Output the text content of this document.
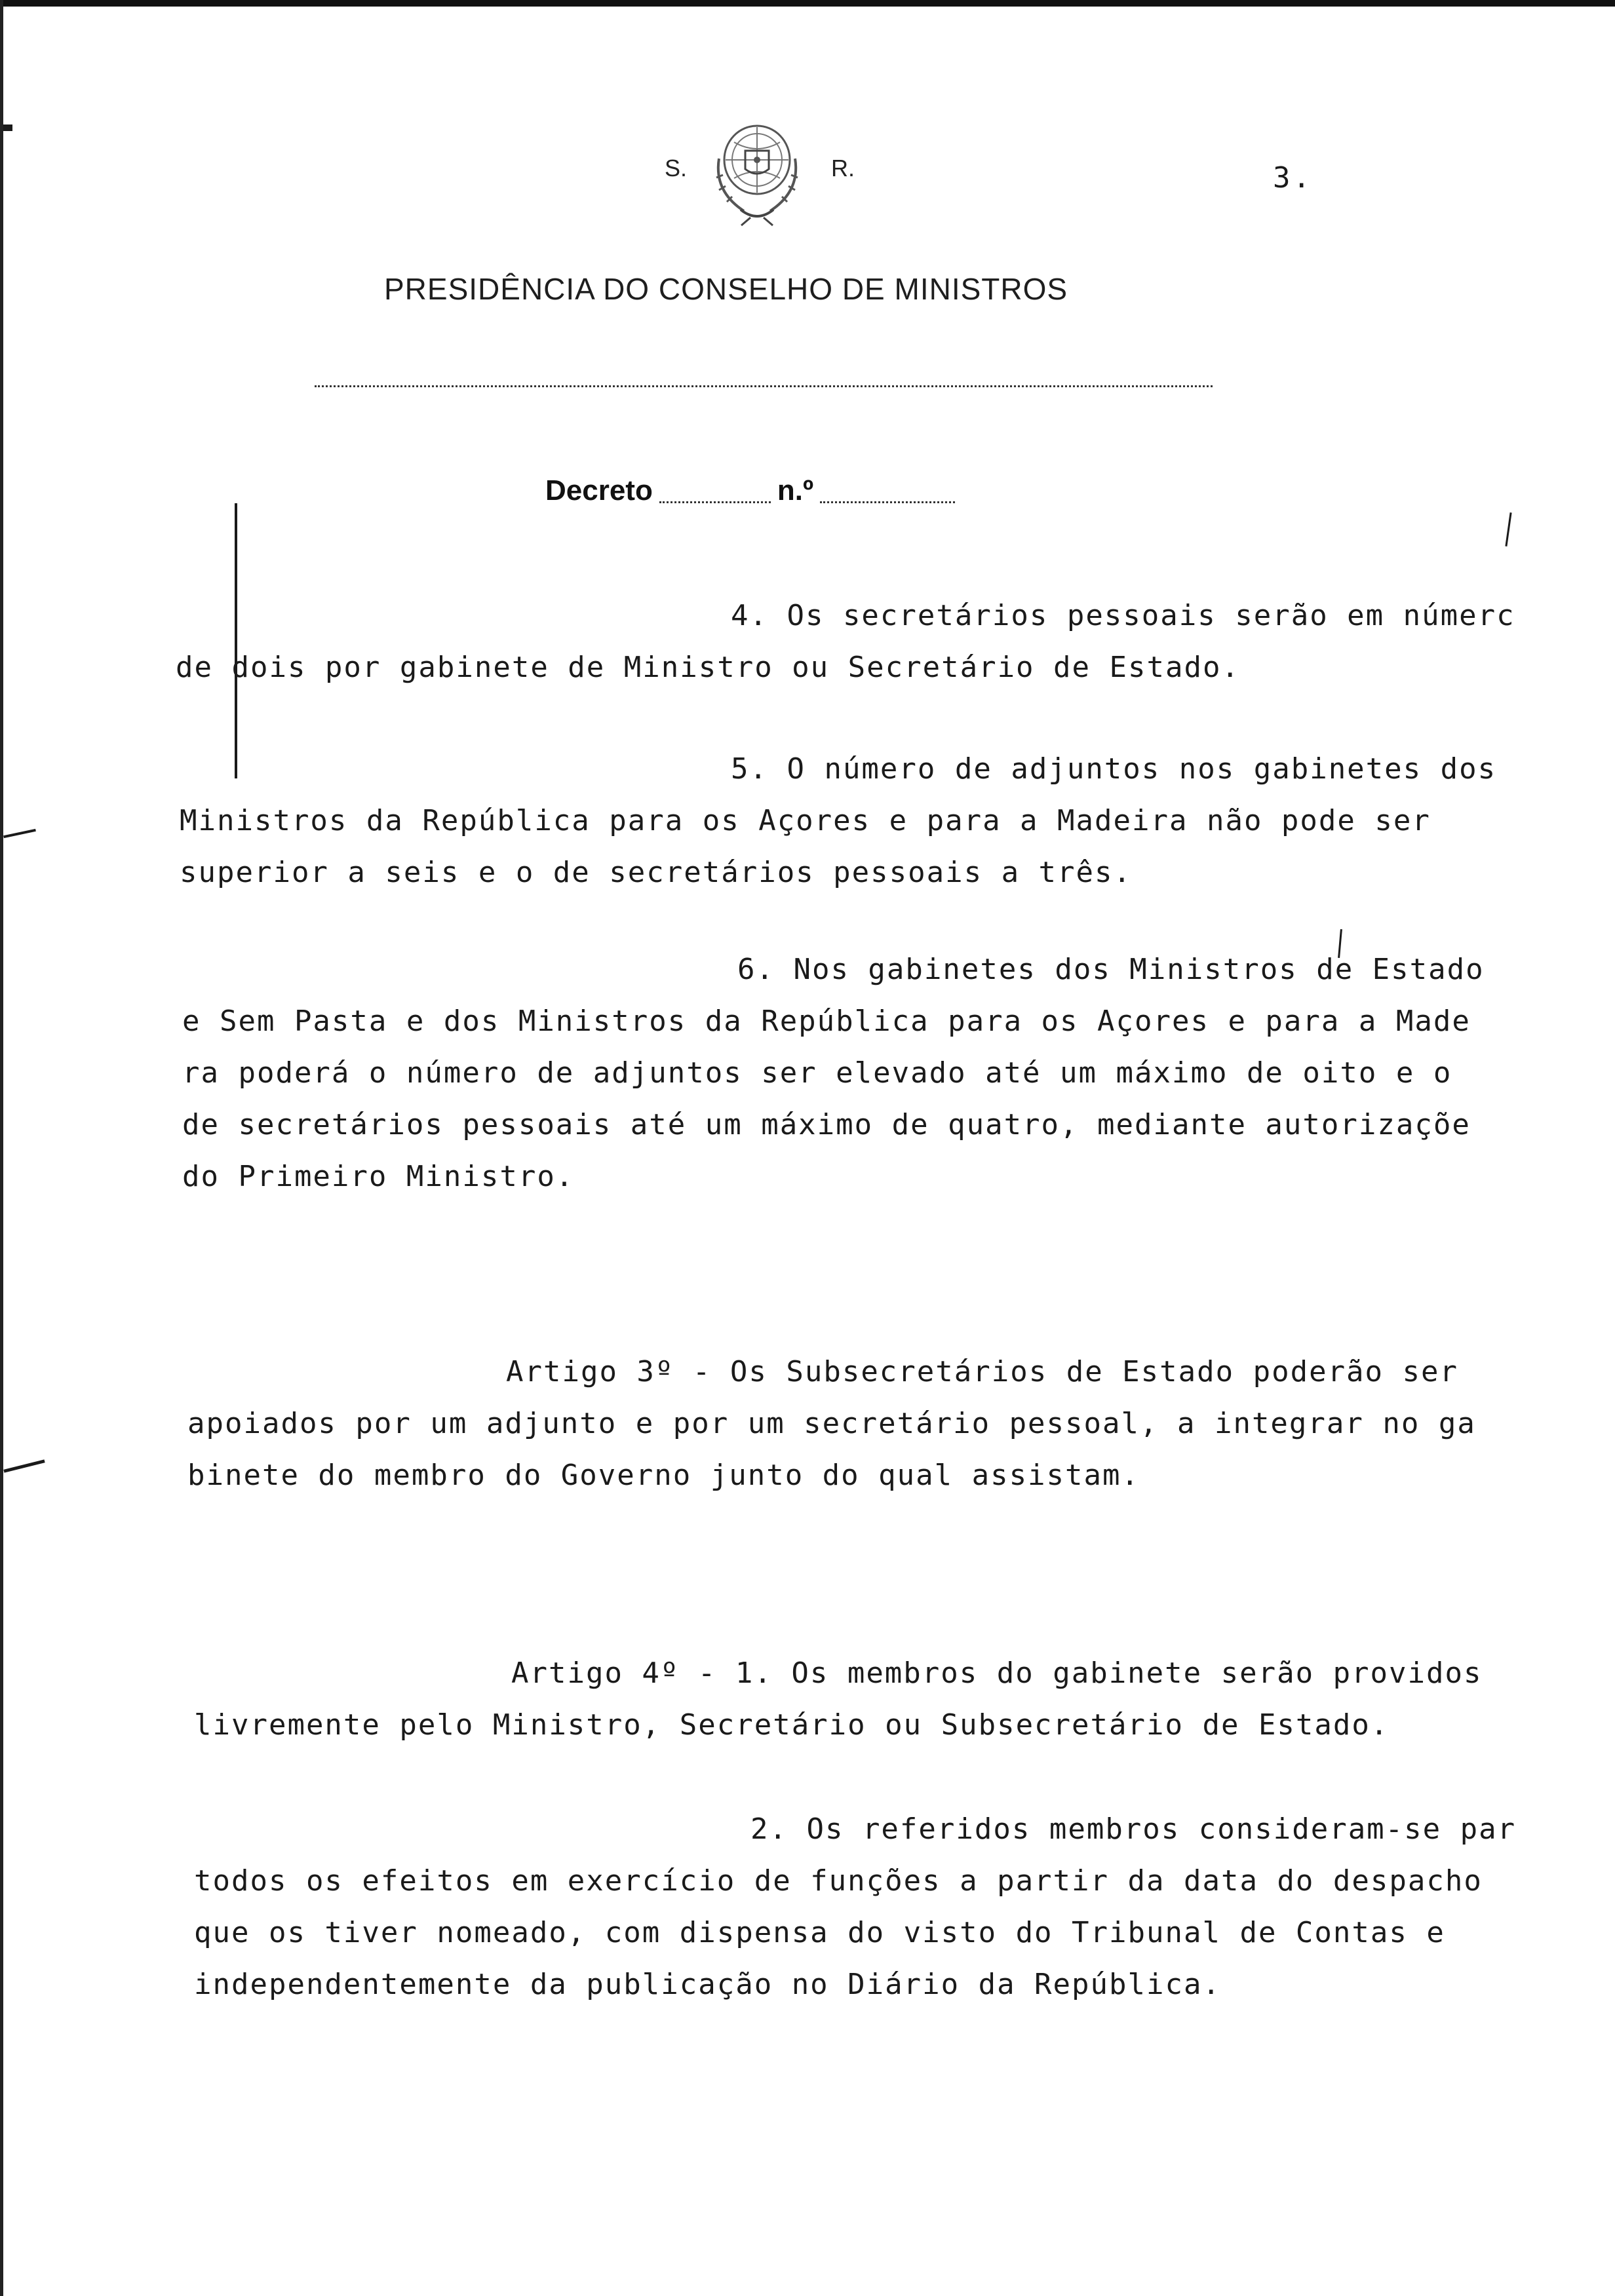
S.	R.	3.
PRESIDÊNCIA DO CONSELHO DE MINISTROS
Decreto	n.º
4. Os secretários pessoais serão em númerc
de dois por gabinete de Ministro ou Secretário de Estado.
5. O número de adjuntos nos gabinetes dos
Ministros da República para os Açores e para a Madeira não pode ser
superior a seis e o de secretários pessoais a três.
6. Nos gabinetes dos Ministros de Estado
e Sem Pasta e dos Ministros da República para os Açores e para a Made
ra poderá o número de adjuntos ser elevado até um máximo de oito e o
de secretários pessoais até um máximo de quatro, mediante autorizaçõe
do Primeiro Ministro.
Artigo 3º - Os Subsecretários de Estado poderão ser
apoiados por um adjunto e por um secretário pessoal, a integrar no ga
binete do membro do Governo junto do qual assistam.
Artigo 4º - 1. Os membros do gabinete serão providos
livremente pelo Ministro, Secretário ou Subsecretário de Estado.
2. Os referidos membros consideram-se par
todos os efeitos em exercício de funções a partir da data do despacho
que os tiver nomeado, com dispensa do visto do Tribunal de Contas e
independentemente da publicação no Diário da República.
